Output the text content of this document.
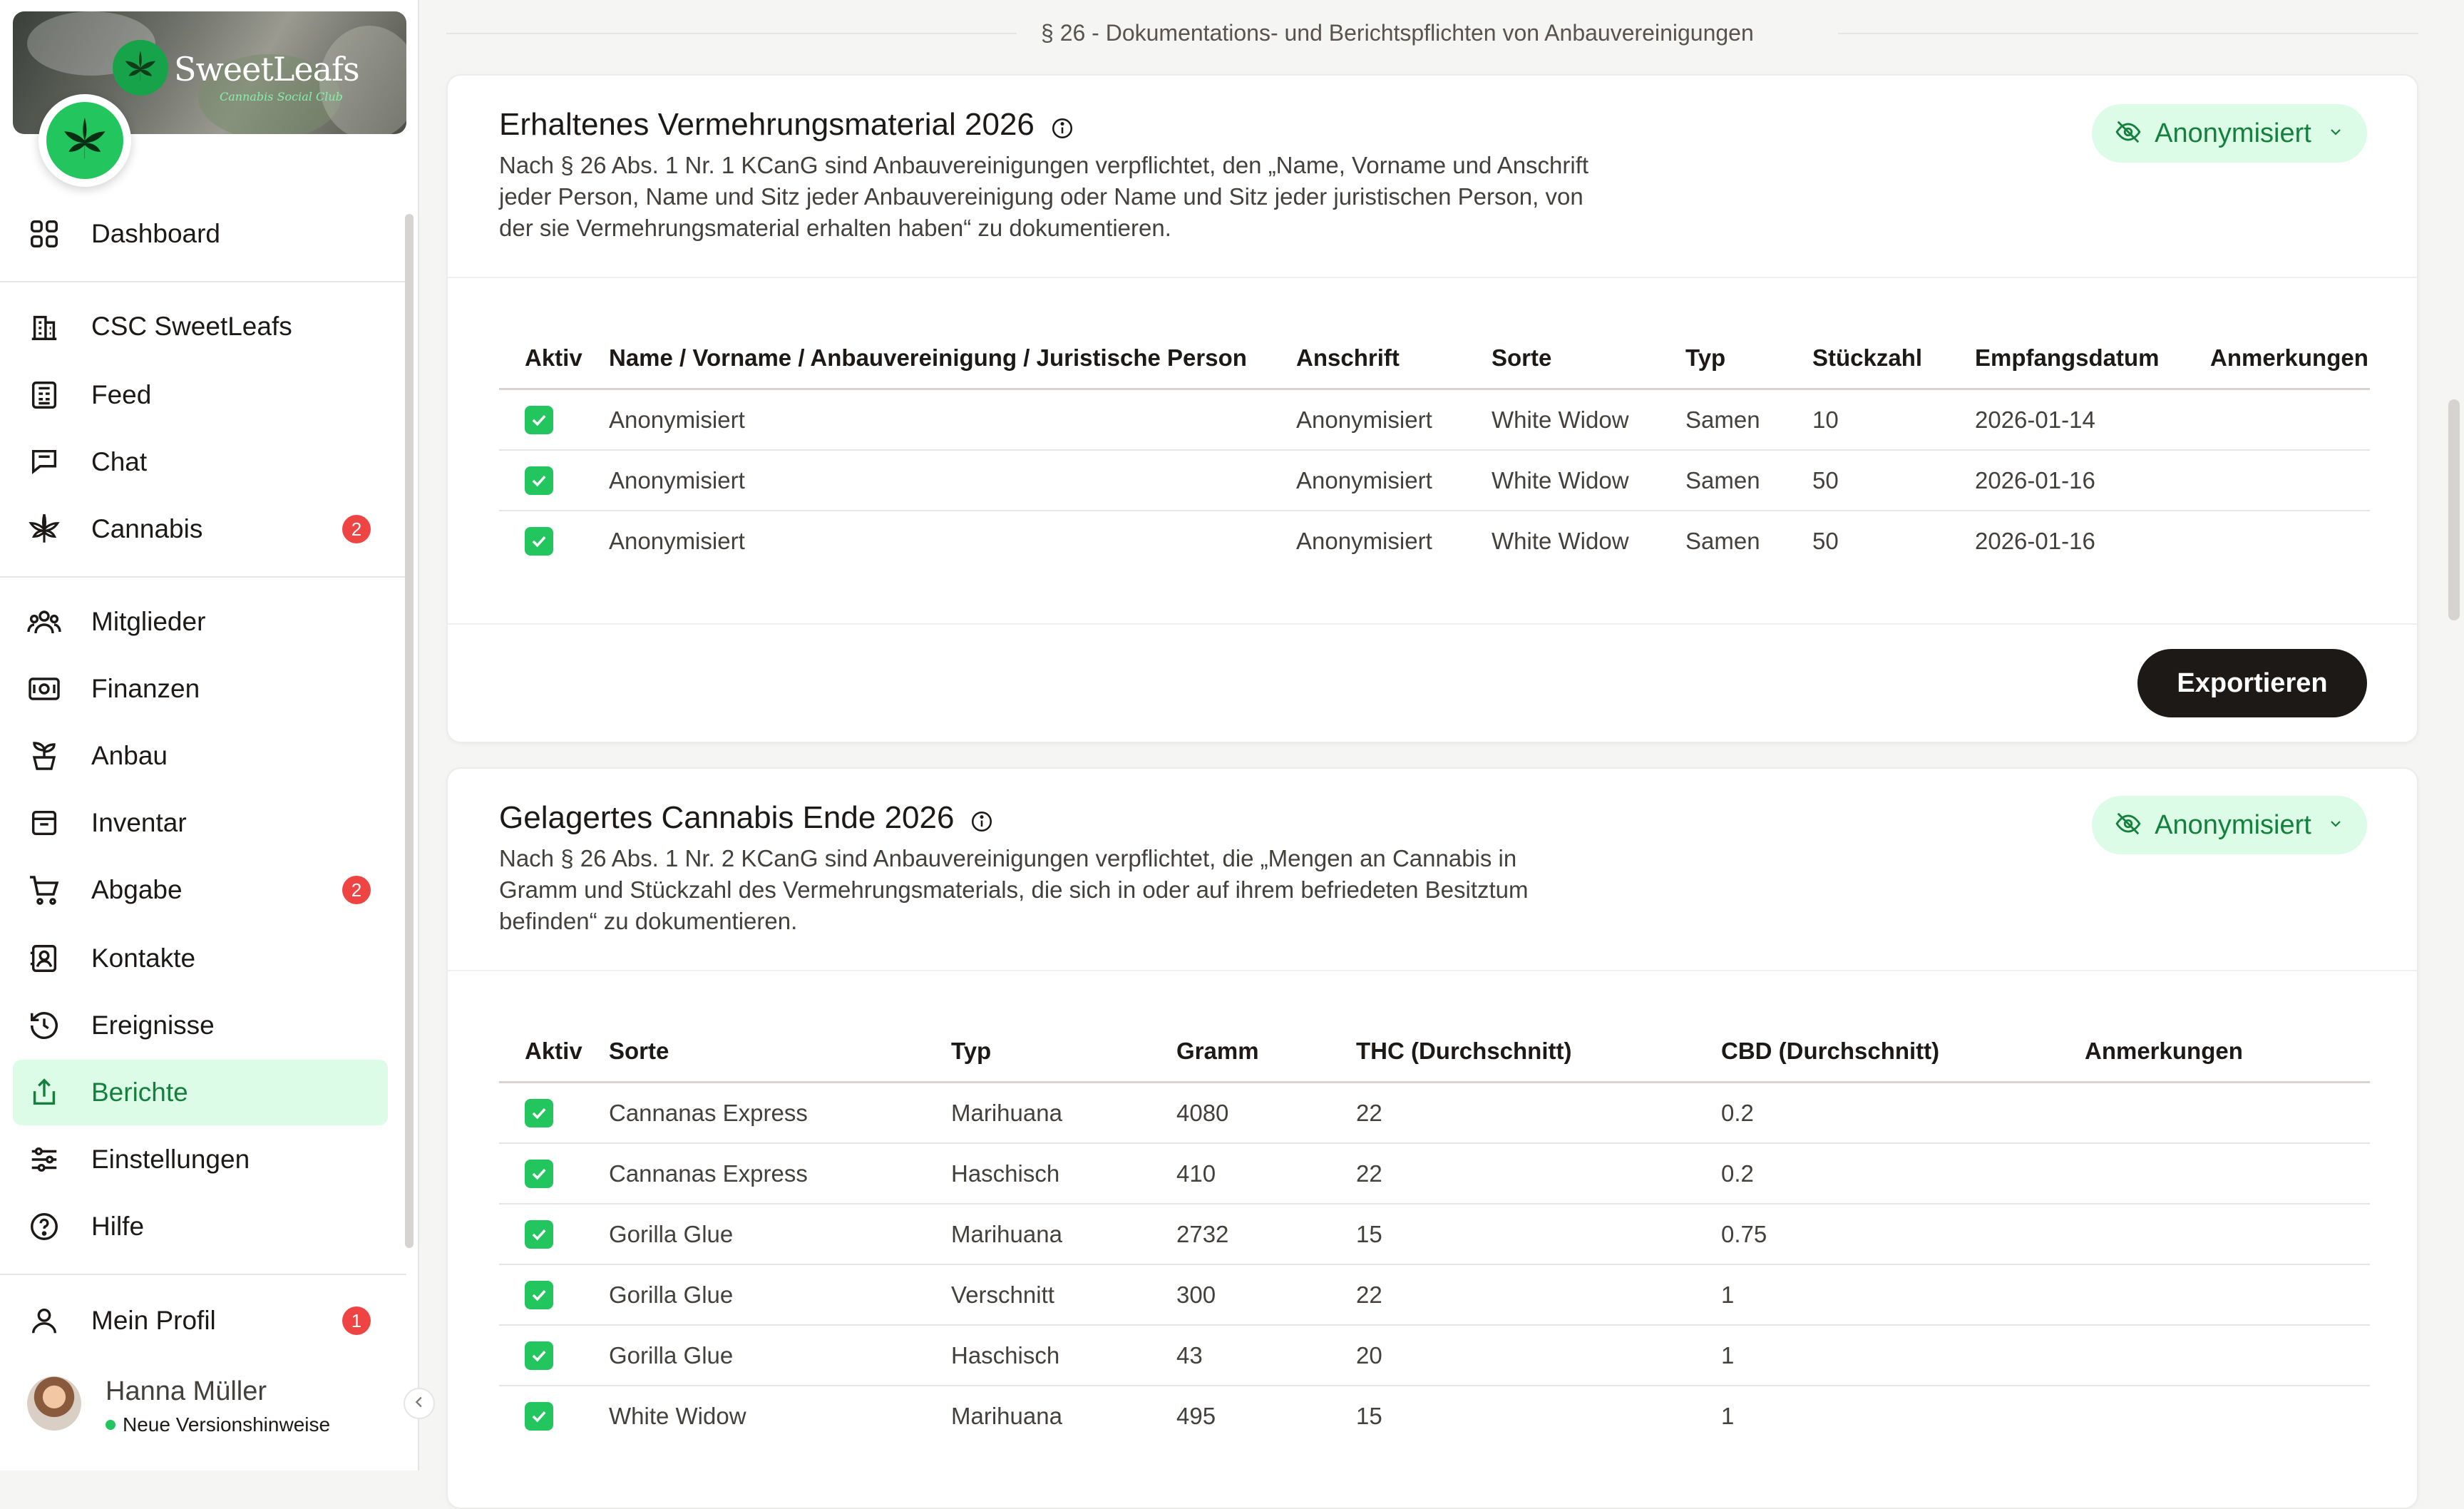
SweetLeafs
Cannabis Social Club
Dashboard
CSC SweetLeafs
Feed
Chat
Cannabis	2
Mitglieder
Finanzen
Anbau
Inventar
Abgabe	2
Kontakte
Ereignisse
Berichte
Einstellungen
Hilfe
Mein Profil	1
Hanna Müller
Neue Versionshinweise
§ 26 - Dokumentations- und Berichtspflichten von Anbauvereinigungen
Erhaltenes Vermehrungsmaterial 2026
Nach § 26 Abs. 1 Nr. 1 KCanG sind Anbauvereinigungen verpflichtet, den „Name, Vorname und Anschrift jeder Person, Name und Sitz jeder Anbauvereinigung oder Name und Sitz jeder juristischen Person, von der sie Vermehrungsmaterial erhalten haben“ zu dokumentieren.
Anonymisiert
Aktiv	Name / Vorname / Anbauvereinigung / Juristische Person	Anschrift	Sorte	Typ	Stückzahl	Empfangsdatum	Anmerkungen

	Anonymisiert	Anonymisiert	White Widow	Samen	10	2026-01-14	

	Anonymisiert	Anonymisiert	White Widow	Samen	50	2026-01-16	

	Anonymisiert	Anonymisiert	White Widow	Samen	50	2026-01-16	
Exportieren
Gelagertes Cannabis Ende 2026
Nach § 26 Abs. 1 Nr. 2 KCanG sind Anbauvereinigungen verpflichtet, die „Mengen an Cannabis in Gramm und Stückzahl des Vermehrungsmaterials, die sich in oder auf ihrem befriedeten Besitztum befinden“ zu dokumentieren.
Anonymisiert
Aktiv	Sorte	Typ	Gramm	THC (Durchschnitt)	CBD (Durchschnitt)	Anmerkungen

	Cannanas Express	Marihuana	4080	22	0.2	

	Cannanas Express	Haschisch	410	22	0.2	

	Gorilla Glue	Marihuana	2732	15	0.75	

	Gorilla Glue	Verschnitt	300	22	1	

	Gorilla Glue	Haschisch	43	20	1	

	White Widow	Marihuana	495	15	1	
